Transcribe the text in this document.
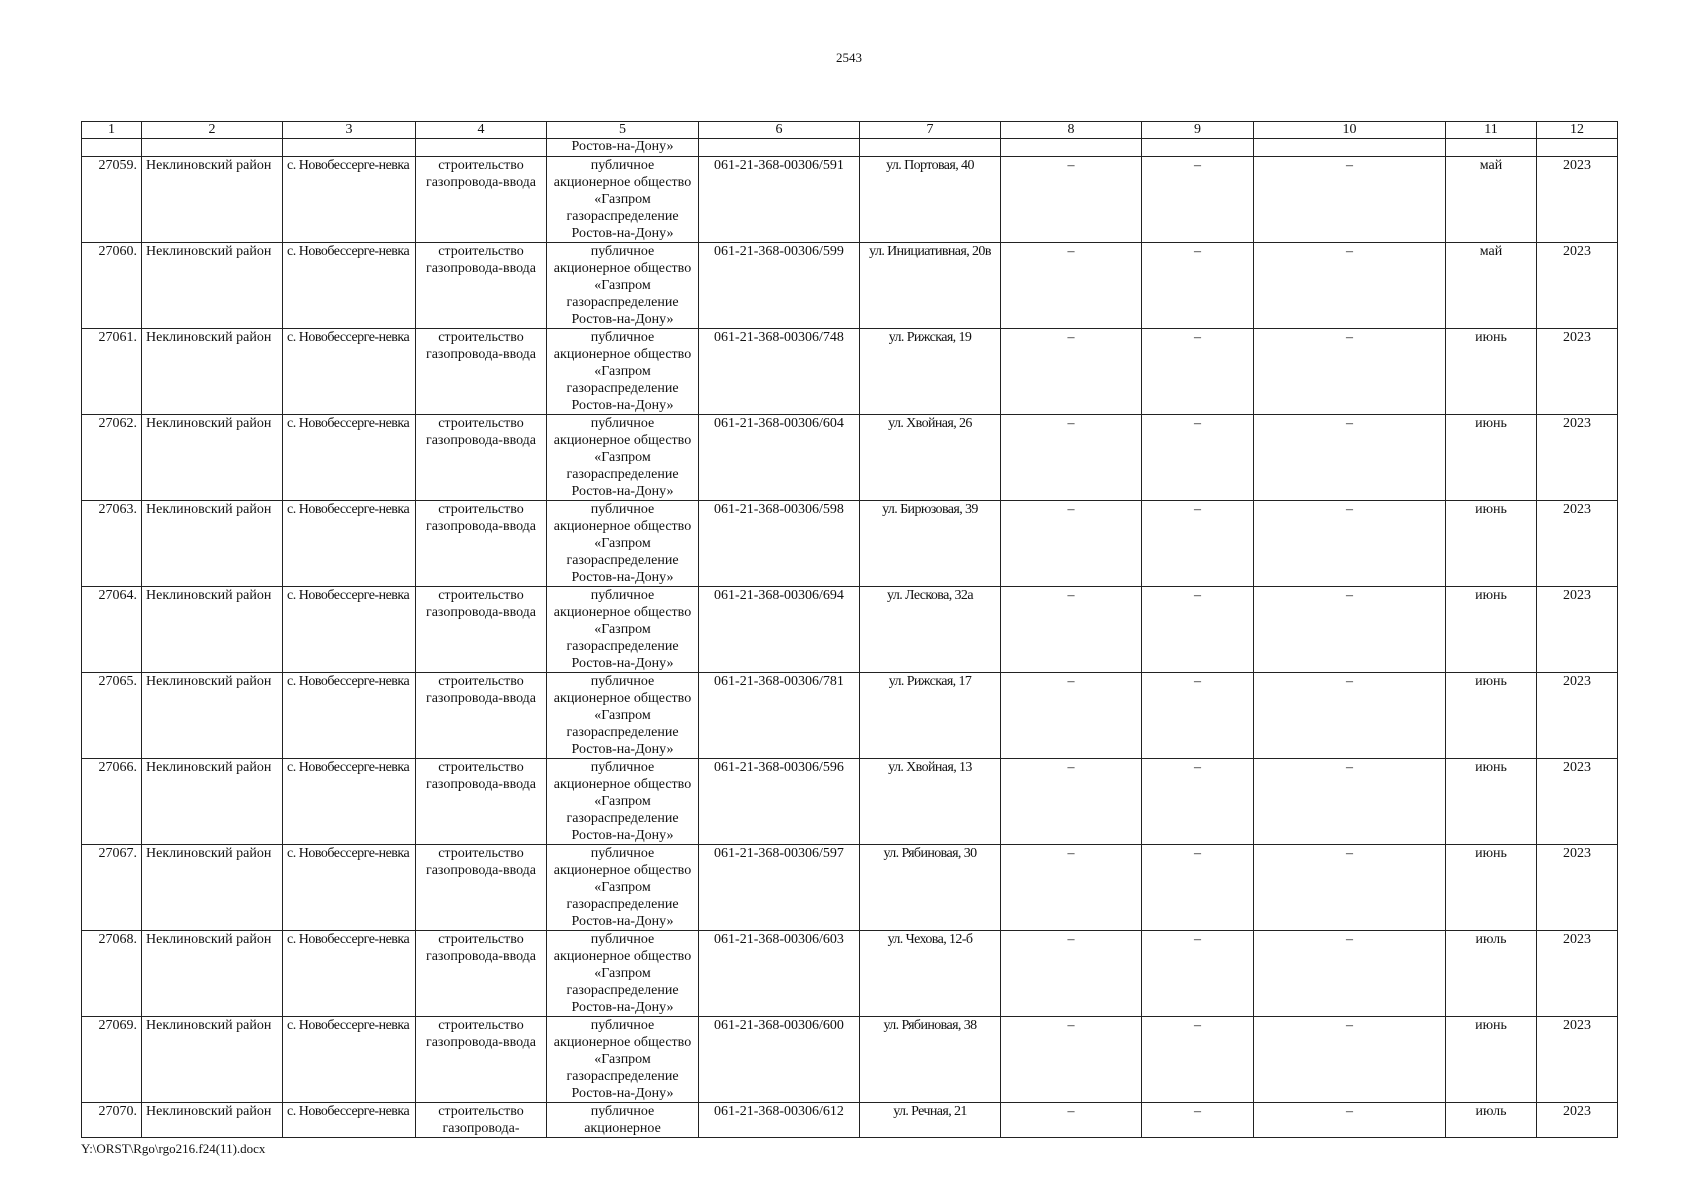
2543
1	2	3	4	5	6	7	8	9	10	11	12
				Ростов-на-Дону»							
27059.	Неклиновский район	с. Новобессерге-невка	строительство газопровода-ввода	публичное акционерное общество «Газпром газораспределение Ростов-на-Дону»	061-21-368-00306/591	ул. Портовая, 40	–	–	–	май	2023
27060.	Неклиновский район	с. Новобессерге-невка	строительство газопровода-ввода	публичное акционерное общество «Газпром газораспределение Ростов-на-Дону»	061-21-368-00306/599	ул. Инициативная, 20в	–	–	–	май	2023
27061.	Неклиновский район	с. Новобессерге-невка	строительство газопровода-ввода	публичное акционерное общество «Газпром газораспределение Ростов-на-Дону»	061-21-368-00306/748	ул. Рижская, 19	–	–	–	июнь	2023
27062.	Неклиновский район	с. Новобессерге-невка	строительство газопровода-ввода	публичное акционерное общество «Газпром газораспределение Ростов-на-Дону»	061-21-368-00306/604	ул. Хвойная, 26	–	–	–	июнь	2023
27063.	Неклиновский район	с. Новобессерге-невка	строительство газопровода-ввода	публичное акционерное общество «Газпром газораспределение Ростов-на-Дону»	061-21-368-00306/598	ул. Бирюзовая, 39	–	–	–	июнь	2023
27064.	Неклиновский район	с. Новобессерге-невка	строительство газопровода-ввода	публичное акционерное общество «Газпром газораспределение Ростов-на-Дону»	061-21-368-00306/694	ул. Лескова, 32а	–	–	–	июнь	2023
27065.	Неклиновский район	с. Новобессерге-невка	строительство газопровода-ввода	публичное акционерное общество «Газпром газораспределение Ростов-на-Дону»	061-21-368-00306/781	ул. Рижская, 17	–	–	–	июнь	2023
27066.	Неклиновский район	с. Новобессерге-невка	строительство газопровода-ввода	публичное акционерное общество «Газпром газораспределение Ростов-на-Дону»	061-21-368-00306/596	ул. Хвойная, 13	–	–	–	июнь	2023
27067.	Неклиновский район	с. Новобессерге-невка	строительство газопровода-ввода	публичное акционерное общество «Газпром газораспределение Ростов-на-Дону»	061-21-368-00306/597	ул. Рябиновая, 30	–	–	–	июнь	2023
27068.	Неклиновский район	с. Новобессерге-невка	строительство газопровода-ввода	публичное акционерное общество «Газпром газораспределение Ростов-на-Дону»	061-21-368-00306/603	ул. Чехова, 12-б	–	–	–	июль	2023
27069.	Неклиновский район	с. Новобессерге-невка	строительство газопровода-ввода	публичное акционерное общество «Газпром газораспределение Ростов-на-Дону»	061-21-368-00306/600	ул. Рябиновая, 38	–	–	–	июнь	2023
27070.	Неклиновский район	с. Новобессерге-невка	строительство газопровода-	публичное акционерное	061-21-368-00306/612	ул. Речная, 21	–	–	–	июль	2023
Y:\ORST\Rgo\rgo216.f24(11).docx
